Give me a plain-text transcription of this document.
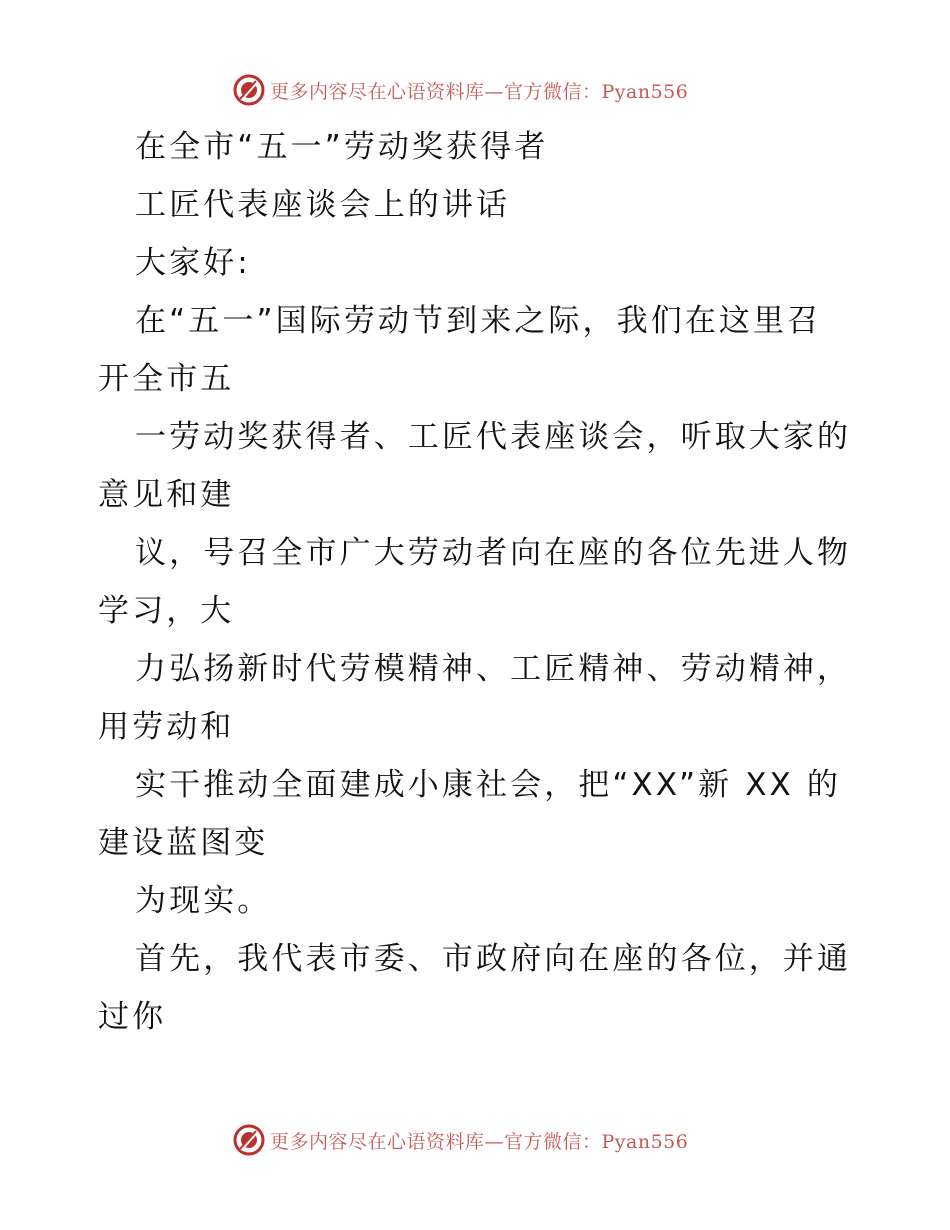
更多内容尽在心语资料库—官方微信：Pyan556
在全市“五一”劳动奖获得者
工匠代表座谈会上的讲话
大家好:
在“五一”国际劳动节到来之际，我们在这里召
开全市五
一劳动奖获得者、工匠代表座谈会，听取大家的
意见和建
议，号召全市广大劳动者向在座的各位先进人物
学习，大
力弘扬新时代劳模精神、工匠精神、劳动精神，
用劳动和
实干推动全面建成小康社会，把“XX”新 XX 的
建设蓝图变
为现实。
首先，我代表市委、市政府向在座的各位，并通
过你
更多内容尽在心语资料库—官方微信：Pyan556
